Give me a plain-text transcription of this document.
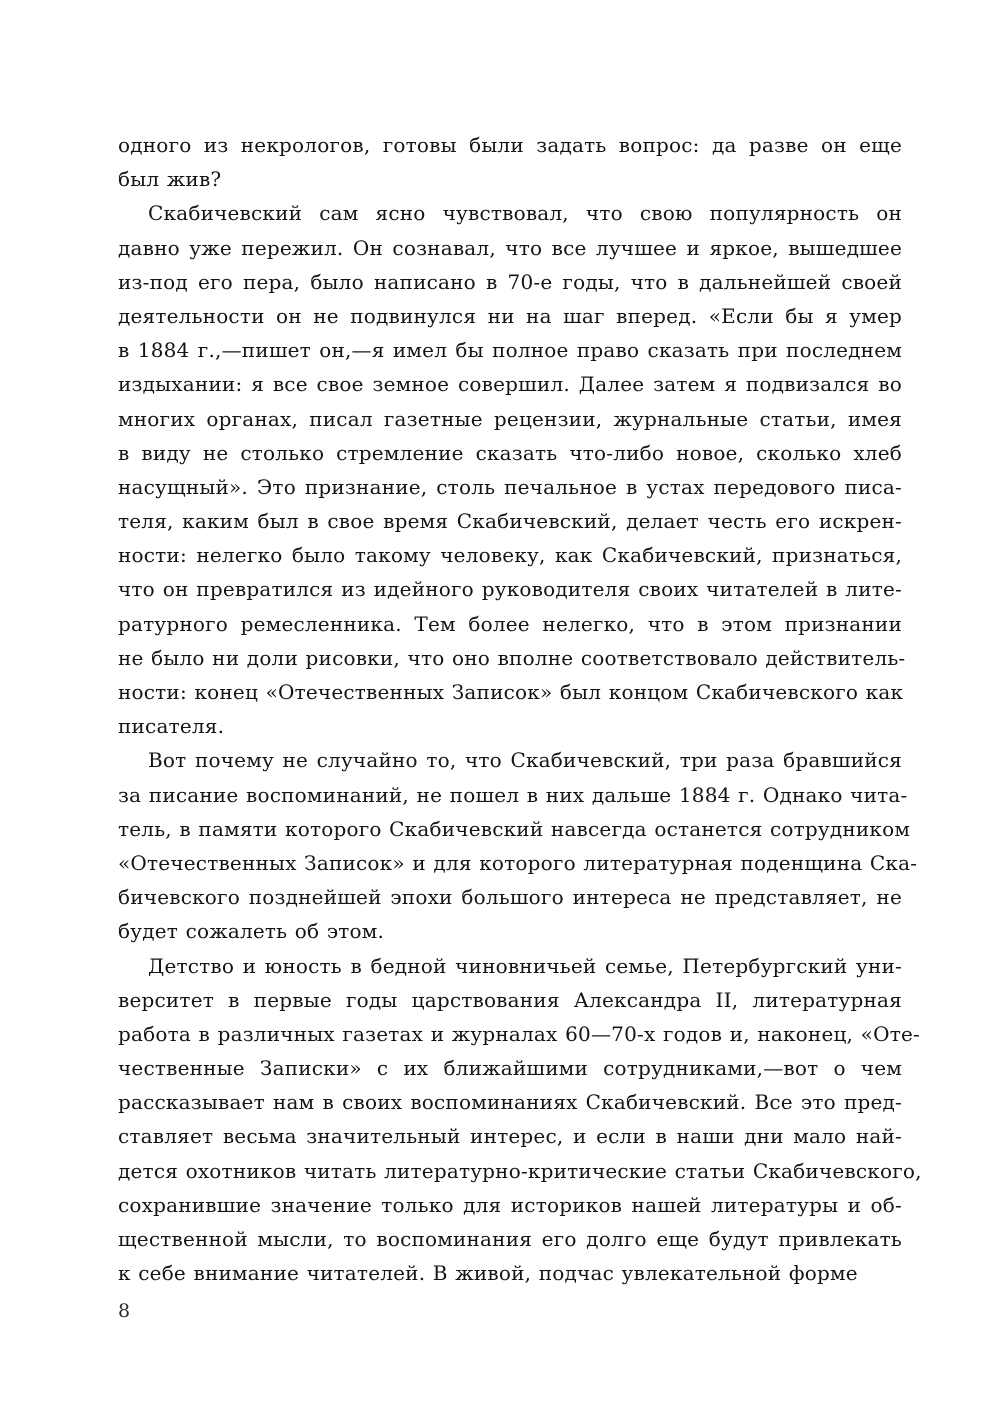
одного из некрологов, готовы были задать вопрос: да разве он еще
был жив?
Скабичевский сам ясно чувствовал, что свою популярность он
давно уже пережил. Он сознавал, что все лучшее и яркое, вышедшее
из-под его пера, было написано в 70-е годы, что в дальнейшей своей
деятельности он не подвинулся ни на шаг вперед. «Если бы я умер
в 1884 г.,—пишет он,—я имел бы полное право сказать при последнем
издыхании: я все свое земное совершил. Далее затем я подвизался во
многих органах, писал газетные рецензии, журнальные статьи, имея
в виду не столько стремление сказать что-либо новое, сколько хлеб
насущный». Это признание, столь печальное в устах передового писа-
теля, каким был в свое время Скабичевский, делает честь его искрен-
ности: нелегко было такому человеку, как Скабичевский, признаться,
что он превратился из идейного руководителя своих читателей в лите-
ратурного ремесленника. Тем более нелегко, что в этом признании
не было ни доли рисовки, что оно вполне соответствовало действитель-
ности: конец «Отечественных Записок» был концом Скабичевского как
писателя.
Вот почему не случайно то, что Скабичевский, три раза бравшийся
за писание воспоминаний, не пошел в них дальше 1884 г. Однако чита-
тель, в памяти которого Скабичевский навсегда останется сотрудником
«Отечественных Записок» и для которого литературная поденщина Ска-
бичевского позднейшей эпохи большого интереса не представляет, не
будет сожалеть об этом.
Детство и юность в бедной чиновничьей семье, Петербургский уни-
верситет в первые годы царствования Александра II, литературная
работа в различных газетах и журналах 60—70-х годов и, наконец, «Оте-
чественные Записки» с их ближайшими сотрудниками,—вот о чем
рассказывает нам в своих воспоминаниях Скабичевский. Все это пред-
ставляет весьма значительный интерес, и если в наши дни мало най-
дется охотников читать литературно-критические статьи Скабичевского,
сохранившие значение только для историков нашей литературы и об-
щественной мысли, то воспоминания его долго еще будут привлекать
к себе внимание читателей. В живой, подчас увлекательной форме
8
